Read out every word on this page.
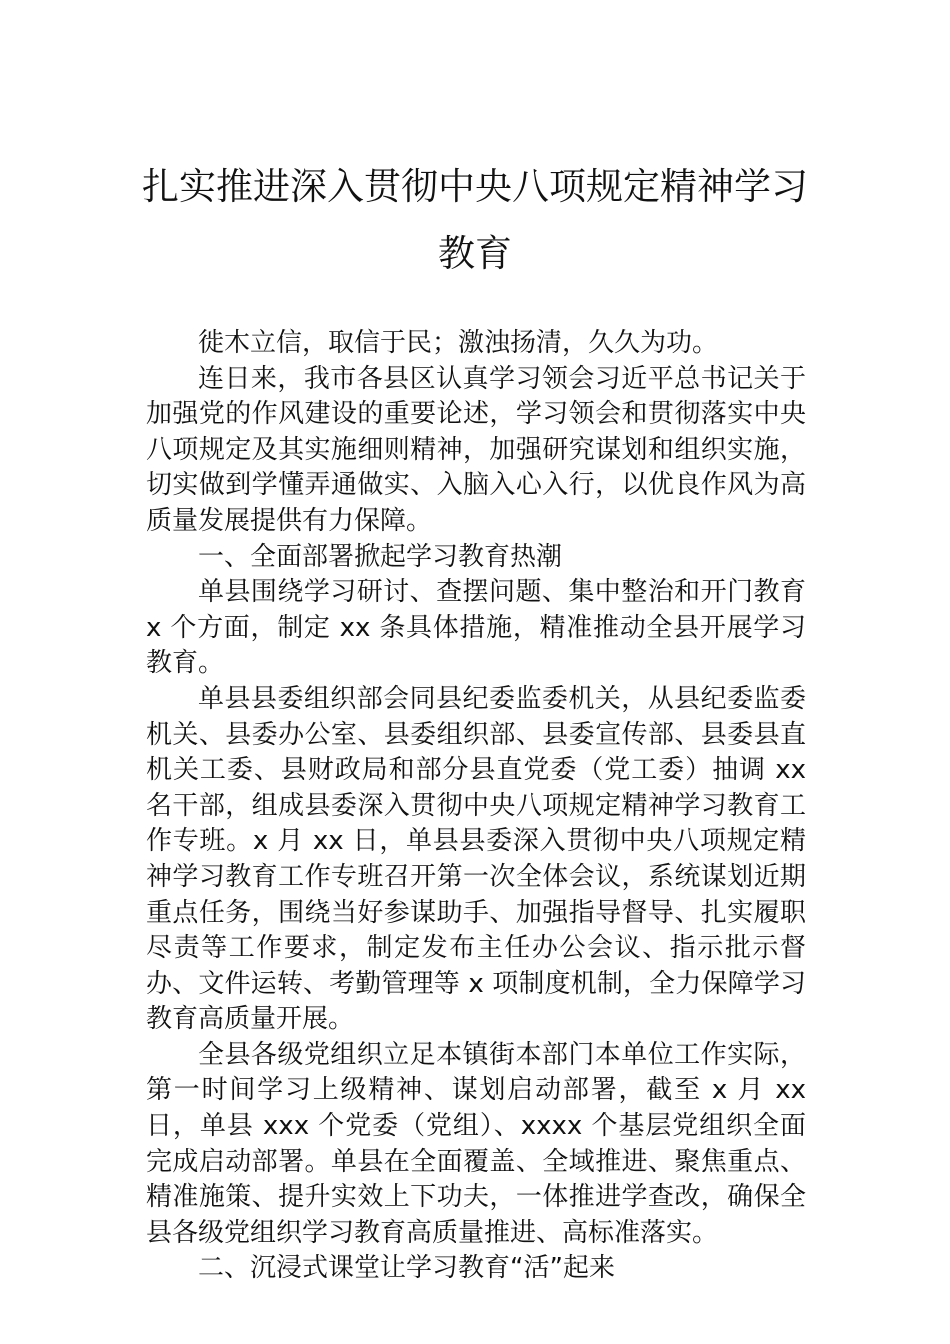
扎实推进深入贯彻中央八项规定精神学习
教育

徙木立信，取信于民；激浊扬清，久久为功。

连日来，我市各县区认真学习领会习近平总书记关于加强党的作风建设的重要论述，学习领会和贯彻落实中央八项规定及其实施细则精神，加强研究谋划和组织实施，切实做到学懂弄通做实、入脑入心入行，以优良作风为高质量发展提供有力保障。

一、全面部署掀起学习教育热潮

单县围绕学习研讨、查摆问题、集中整治和开门教育 x 个方面，制定 xx 条具体措施，精准推动全县开展学习教育。

单县县委组织部会同县纪委监委机关，从县纪委监委机关、县委办公室、县委组织部、县委宣传部、县委县直机关工委、县财政局和部分县直党委（党工委）抽调 xx 名干部，组成县委深入贯彻中央八项规定精神学习教育工作专班。x 月 xx 日，单县县委深入贯彻中央八项规定精神学习教育工作专班召开第一次全体会议，系统谋划近期重点任务，围绕当好参谋助手、加强指导督导、扎实履职尽责等工作要求，制定发布主任办公会议、指示批示督办、文件运转、考勤管理等 x 项制度机制，全力保障学习教育高质量开展。

全县各级党组织立足本镇街本部门本单位工作实际，第一时间学习上级精神、谋划启动部署，截至 x 月 xx 日，单县 xxx 个党委（党组）、xxxx 个基层党组织全面完成启动部署。单县在全面覆盖、全域推进、聚焦重点、精准施策、提升实效上下功夫，一体推进学查改，确保全县各级党组织学习教育高质量推进、高标准落实。

二、沉浸式课堂让学习教育“活”起来
